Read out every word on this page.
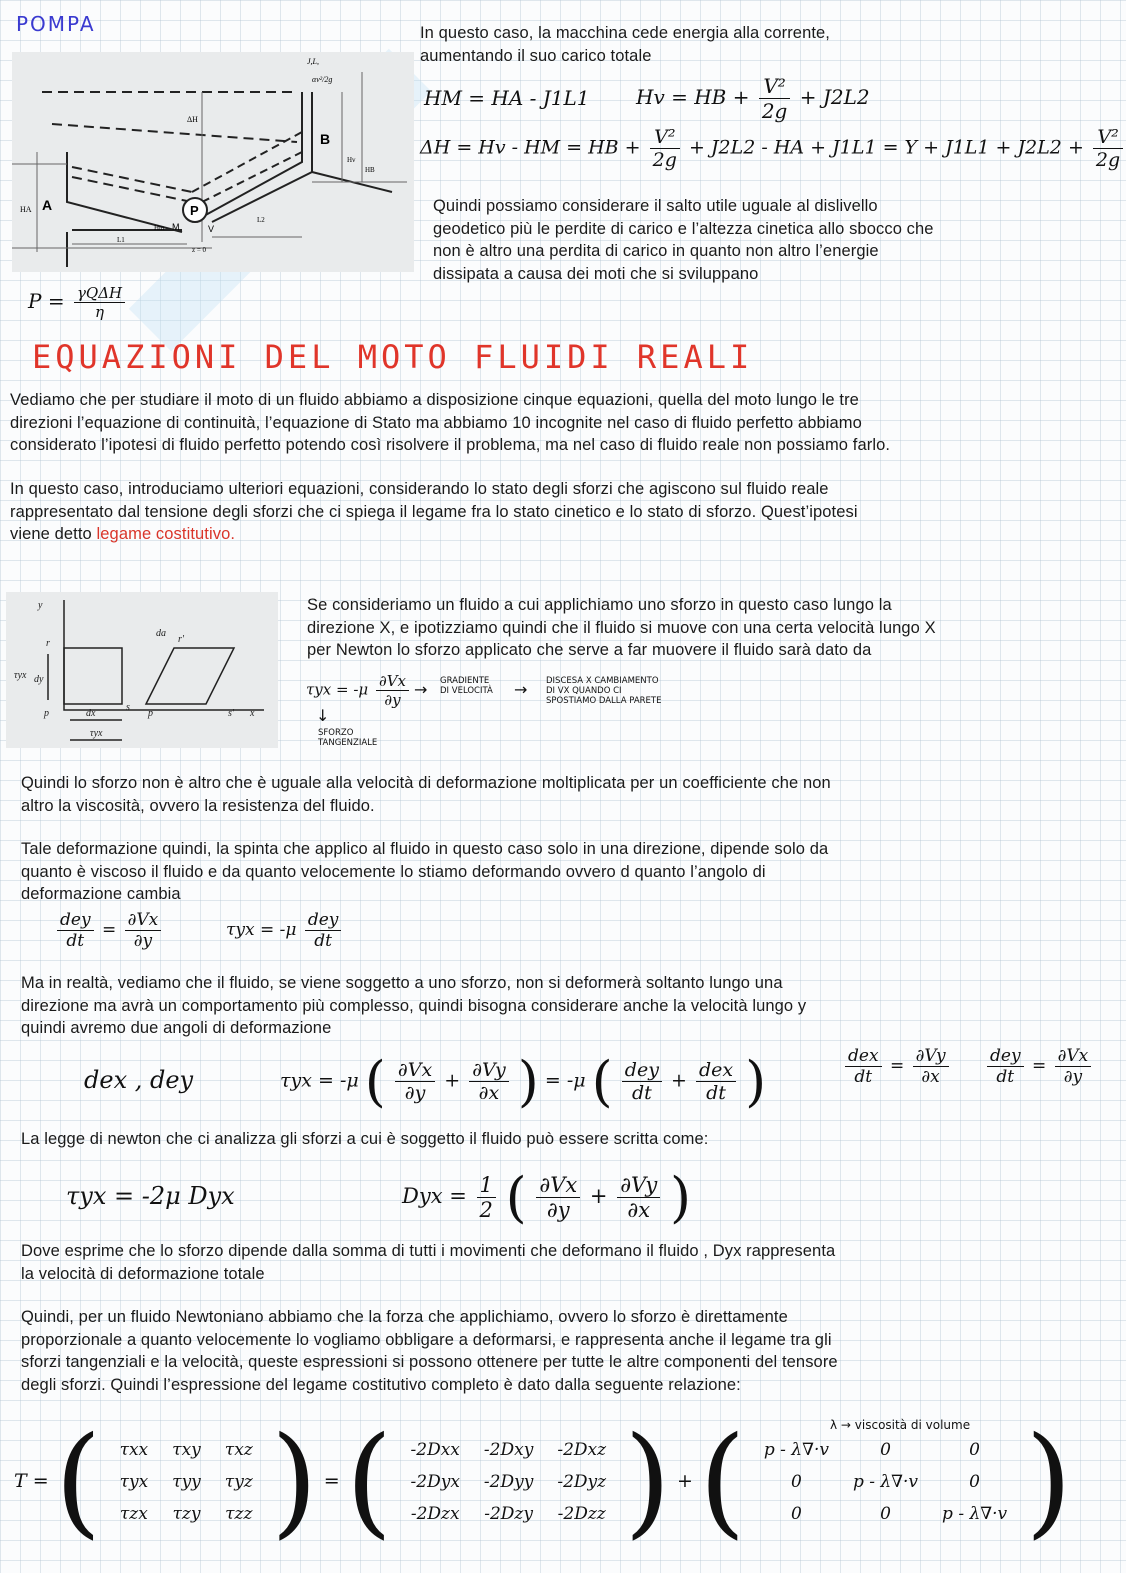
POMPA
P
A
B
J,L,
αv²/2g
ΔH
HA
Hm M	V
L1
L2
z = 0
Hv
HB
In questo caso, la macchina cede energia alla corrente,
aumentando il suo carico totale
HM = HA - J1L1 Hv = HB + $\frac{\text{V²}}{2g} + J2L2$
ΔH = Hv - HM = HB + $\frac{\text{V²}}{2g} + J2L2$ - HA + $J1L1 = Y + J1L1 + J2L2 + \frac{\text{V²}}{2g}$
Quindi possiamo considerare il salto utile uguale al dislivello
geodetico più le perdite di carico e l’altezza cinetica allo sbocco che
non è altro una perdita di carico in quanto non altro l’energie
dissipata a causa dei moti che si sviluppano
$P = \frac{\text{γQΔH}}{\eta}$
EQUAZIONI DEL MOTO FLUIDI REALI
Vediamo che per studiare il moto di un fluido abbiamo a disposizione cinque equazioni, quella del moto lungo le tre
direzioni l’equazione di continuità, l’equazione di Stato ma abbiamo 10 incognite nel caso di fluido perfetto abbiamo
considerato l’ipotesi di fluido perfetto potendo così risolvere il problema, ma nel caso di fluido reale non possiamo farlo.
In questo caso, introduciamo ulteriori equazioni, considerando lo stato degli sforzi che agiscono sul fluido reale
rappresentato dal tensione degli sforzi che ci spiega il legame fra lo stato cinetico e lo stato di sforzo. Quest’ipotesi
viene detto legame costitutivo.
y
r	r'
da
τyx dy
dx
p
s
p	s' x
τyx
Se consideriamo un fluido a cui applichiamo uno sforzo in questo caso lungo la
direzione X, e ipotizziamo quindi che il fluido si muove con una certa velocità lungo X
per Newton lo sforzo applicato che serve a far muovere il fluido sarà dato da
$\tau yx = -\mu \frac{\partial Vx}{\partial y}$ → GRADIENTE DI VELOCITÀ	→ DISCESA X CAMBIAMENTO DI VX QUANDO CI SPOSTIAMO DALLA PARETE
↓
SFORZO TANGENZIALE
Quindi lo sforzo non è altro che è uguale alla velocità di deformazione moltiplicata per un coefficiente che non
altro la viscosità, ovvero la resistenza del fluido.
Tale deformazione quindi, la spinta che applico al fluido in questo caso solo in una direzione, dipende solo da
quanto è viscoso il fluido e da quanto velocemente lo stiamo deformando ovvero d quanto l’angolo di
deformazione cambia
$\frac{\text{dey}}{dt} = \frac{\partial Vx}{\partial y}$	$\tau yx = -\mu \frac{\text{dey}}{dt}$
Ma in realtà, vediamo che il fluido, se viene soggetto a uno sforzo, non si deformerà soltanto lungo una
direzione ma avrà un comportamento più complesso, quindi bisogna considerare anche la velocità lungo y
quindi avremo due angoli di deformazione
dex , dey	τyx = -μ ( $\frac{\partial Vx}{\partial y} + \frac{\partial Vy}{\partial x}$ ) = -μ ( $\frac{\text{dey}}{dt} + \frac{\text{dex}}{dt}$ )	$\frac{\text{dex}}{dt} = \frac{\partial Vy}{\partial x} \frac{\text{dey}}{dt} = \frac{\partial Vx}{\partial y}$
La legge di newton che ci analizza gli sforzi a cui è soggetto il fluido può essere scritta come:
τyx = -2μ Dyx	Dyx = $\frac{1}{2}$ ( $\frac{\partial Vx}{\partial y} + \frac{\partial Vy}{\partial x}$ )
Dove esprime che lo sforzo dipende dalla somma di tutti i movimenti che deformano il fluido , Dyx rappresenta
la velocità di deformazione totale
Quindi, per un fluido Newtoniano abbiamo che la forza che applichiamo, ovvero lo sforzo è direttamente
proporzionale a quanto velocemente lo vogliamo obbligare a deformarsi, e rappresenta anche il legame tra gli
sforzi tangenziali e la velocità, queste espressioni si possono ottenere per tutte le altre componenti del tensore
degli sforzi. Quindi l’espressione del legame costitutivo completo è dato dalla seguente relazione:
λ → viscosità di volume
T = ( τxx	τxy	τxz
τyx	τyy	τyz
τzx	τzy	τzz ) = ( -2Dxx	-2Dxy	-2Dxz
-2Dyx	-2Dyy	-2Dyz
-2Dzx	-2Dzy	-2Dzz ) + ( p - λ∇·v	0	0
0	p - λ∇·v	0
0	0	p - λ∇·v )
